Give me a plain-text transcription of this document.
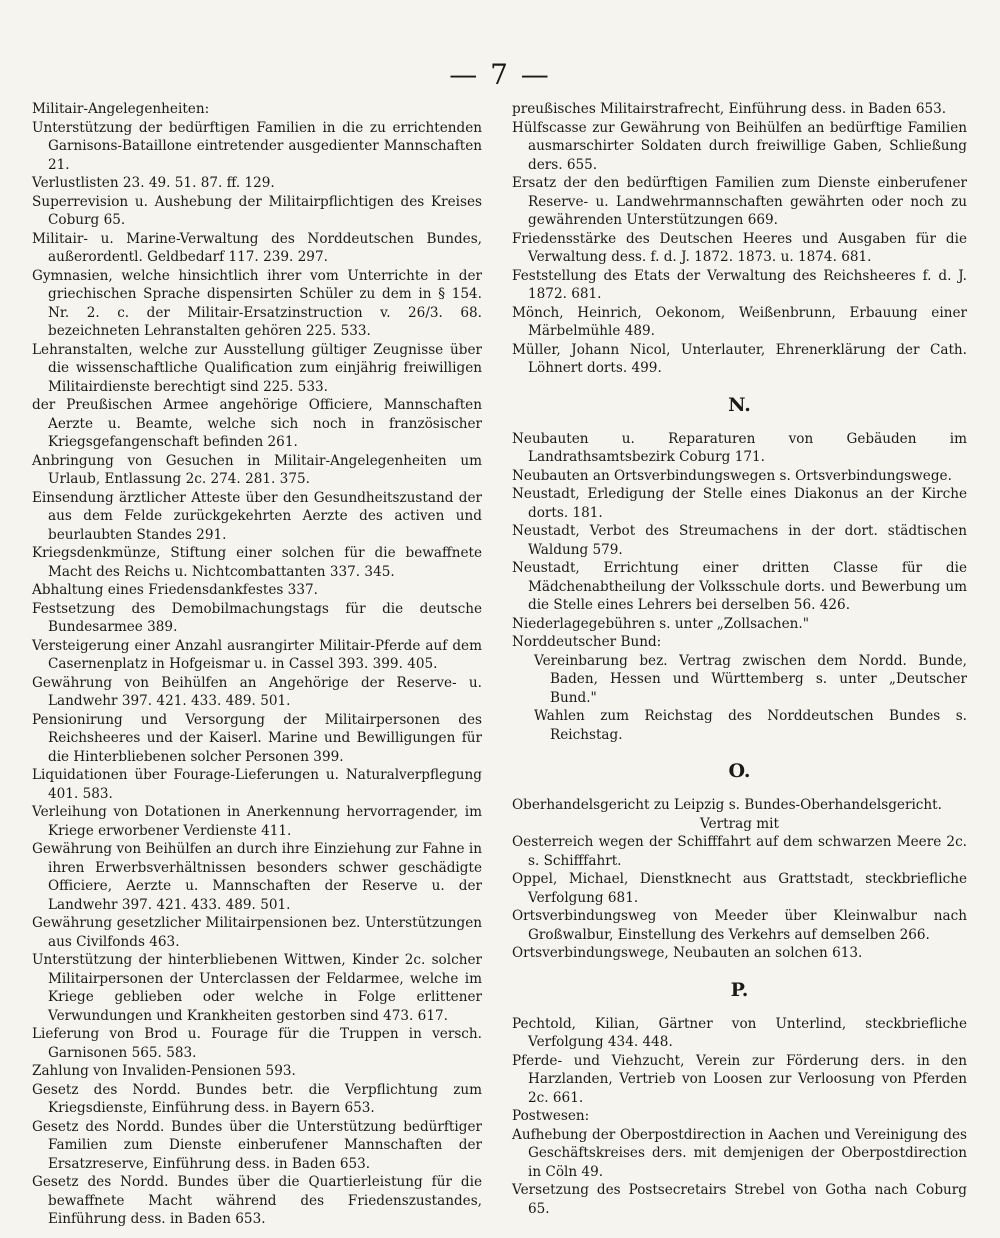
— 7 —
Militair-Angelegenheiten:
Unterstützung der bedürftigen Familien in die zu errichtenden Garnisons-Bataillone eintretender ausgedienter Mannschaften 21.
Verlustlisten 23. 49. 51. 87. ff. 129.
Superrevision u. Aushebung der Militairpflichtigen des Kreises Coburg 65.
Militair- u. Marine-Verwaltung des Norddeutschen Bundes, außerordentl. Geldbedarf 117. 239. 297.
Gymnasien, welche hinsichtlich ihrer vom Unterrichte in der griechischen Sprache dispensirten Schüler zu dem in § 154. Nr. 2. c. der Militair-Ersatzinstruction v. 26/3. 68. bezeichneten Lehranstalten gehören 225. 533.
Lehranstalten, welche zur Ausstellung gültiger Zeugnisse über die wissenschaftliche Qualification zum einjährig freiwilligen Militairdienste berechtigt sind 225. 533.
der Preußischen Armee angehörige Officiere, Mannschaften Aerzte u. Beamte, welche sich noch in französischer Kriegsgefangenschaft befinden 261.
Anbringung von Gesuchen in Militair-Angelegenheiten um Urlaub, Entlassung 2c. 274. 281. 375.
Einsendung ärztlicher Atteste über den Gesundheitszustand der aus dem Felde zurückgekehrten Aerzte des activen und beurlaubten Standes 291.
Kriegsdenkmünze, Stiftung einer solchen für die bewaffnete Macht des Reichs u. Nichtcombattanten 337. 345.
Abhaltung eines Friedensdankfestes 337.
Festsetzung des Demobilmachungstags für die deutsche Bundesarmee 389.
Versteigerung einer Anzahl ausrangirter Militair-Pferde auf dem Casernenplatz in Hofgeismar u. in Cassel 393. 399. 405.
Gewährung von Beihülfen an Angehörige der Reserve- u. Landwehr 397. 421. 433. 489. 501.
Pensionirung und Versorgung der Militairpersonen des Reichsheeres und der Kaiserl. Marine und Bewilligungen für die Hinterbliebenen solcher Personen 399.
Liquidationen über Fourage-Lieferungen u. Naturalverpflegung 401. 583.
Verleihung von Dotationen in Anerkennung hervorragender, im Kriege erworbener Verdienste 411.
Gewährung von Beihülfen an durch ihre Einziehung zur Fahne in ihren Erwerbsverhältnissen besonders schwer geschädigte Officiere, Aerzte u. Mannschaften der Reserve u. der Landwehr 397. 421. 433. 489. 501.
Gewährung gesetzlicher Militairpensionen bez. Unterstützungen aus Civilfonds 463.
Unterstützung der hinterbliebenen Wittwen, Kinder 2c. solcher Militairpersonen der Unterclassen der Feldarmee, welche im Kriege geblieben oder welche in Folge erlittener Verwundungen und Krankheiten gestorben sind 473. 617.
Lieferung von Brod u. Fourage für die Truppen in versch. Garnisonen 565. 583.
Zahlung von Invaliden-Pensionen 593.
Gesetz des Nordd. Bundes betr. die Verpflichtung zum Kriegsdienste, Einführung dess. in Bayern 653.
Gesetz des Nordd. Bundes über die Unterstützung bedürftiger Familien zum Dienste einberufener Mannschaften der Ersatzreserve, Einführung dess. in Baden 653.
Gesetz des Nordd. Bundes über die Quartierleistung für die bewaffnete Macht während des Friedenszustandes, Einführung dess. in Baden 653.
preußisches Militairstrafrecht, Einführung dess. in Baden 653.
Hülfscasse zur Gewährung von Beihülfen an bedürftige Familien ausmarschirter Soldaten durch freiwillige Gaben, Schließung ders. 655.
Ersatz der den bedürftigen Familien zum Dienste einberufener Reserve- u. Landwehrmannschaften gewährten oder noch zu gewährenden Unterstützungen 669.
Friedensstärke des Deutschen Heeres und Ausgaben für die Verwaltung dess. f. d. J. 1872. 1873. u. 1874. 681.
Feststellung des Etats der Verwaltung des Reichsheeres f. d. J. 1872. 681.
Mönch, Heinrich, Oekonom, Weißenbrunn, Erbauung einer Märbelmühle 489.
Müller, Johann Nicol, Unterlauter, Ehrenerklärung der Cath. Löhnert dorts. 499.
N.
Neubauten u. Reparaturen von Gebäuden im Landrathsamtsbezirk Coburg 171.
Neubauten an Ortsverbindungswegen s. Ortsverbindungswege.
Neustadt, Erledigung der Stelle eines Diakonus an der Kirche dorts. 181.
Neustadt, Verbot des Streumachens in der dort. städtischen Waldung 579.
Neustadt, Errichtung einer dritten Classe für die Mädchenabtheilung der Volksschule dorts. und Bewerbung um die Stelle eines Lehrers bei derselben 56. 426.
Niederlagegebühren s. unter „Zollsachen."
Norddeutscher Bund:
Vereinbarung bez. Vertrag zwischen dem Nordd. Bunde, Baden, Hessen und Württemberg s. unter „Deutscher Bund."
Wahlen zum Reichstag des Norddeutschen Bundes s. Reichstag.
O.
Oberhandelsgericht zu Leipzig s. Bundes-Oberhandelsgericht.
Vertrag mit
Oesterreich wegen der Schifffahrt auf dem schwarzen Meere 2c. s. Schifffahrt.
Oppel, Michael, Dienstknecht aus Grattstadt, steckbriefliche Verfolgung 681.
Ortsverbindungsweg von Meeder über Kleinwalbur nach Großwalbur, Einstellung des Verkehrs auf demselben 266.
Ortsverbindungswege, Neubauten an solchen 613.
P.
Pechtold, Kilian, Gärtner von Unterlind, steckbriefliche Verfolgung 434. 448.
Pferde- und Viehzucht, Verein zur Förderung ders. in den Harzlanden, Vertrieb von Loosen zur Verloosung von Pferden 2c. 661.
Postwesen:
Aufhebung der Oberpostdirection in Aachen und Vereinigung des Geschäftskreises ders. mit demjenigen der Oberpostdirection in Cöln 49.
Versetzung des Postsecretairs Strebel von Gotha nach Coburg 65.
